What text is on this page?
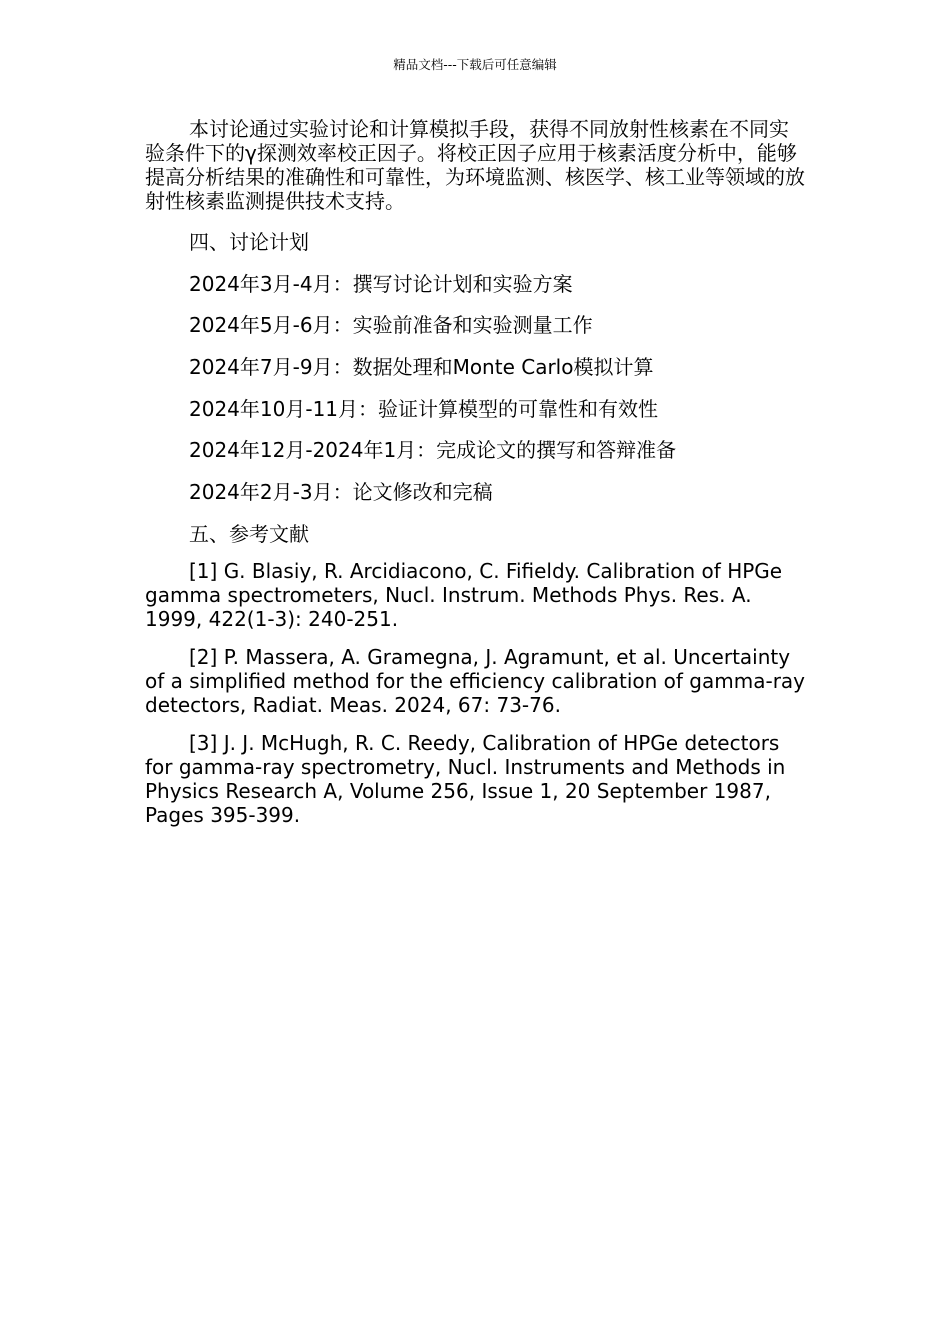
精品文档---下载后可任意编辑

本讨论通过实验讨论和计算模拟手段，获得不同放射性核素在不同实验条件下的γ探测效率校正因子。将校正因子应用于核素活度分析中，能够提高分析结果的准确性和可靠性，为环境监测、核医学、核工业等领域的放射性核素监测提供技术支持。

四、讨论计划

2024年3月-4月：撰写讨论计划和实验方案

2024年5月-6月：实验前准备和实验测量工作

2024年7月-9月：数据处理和Monte Carlo模拟计算

2024年10月-11月：验证计算模型的可靠性和有效性

2024年12月-2024年1月：完成论文的撰写和答辩准备

2024年2月-3月：论文修改和完稿

五、参考文献

[1] G. Blasiy, R. Arcidiacono, C. Fifieldy. Calibration of HPGe gamma spectrometers, Nucl. Instrum. Methods Phys. Res. A. 1999, 422(1-3): 240-251.

[2] P. Massera, A. Gramegna, J. Agramunt, et al. Uncertainty of a simplified method for the efficiency calibration of gamma-ray detectors, Radiat. Meas. 2024, 67: 73-76.

[3] J. J. McHugh, R. C. Reedy, Calibration of HPGe detectors for gamma-ray spectrometry, Nucl. Instruments and Methods in Physics Research A, Volume 256, Issue 1, 20 September 1987, Pages 395-399.
